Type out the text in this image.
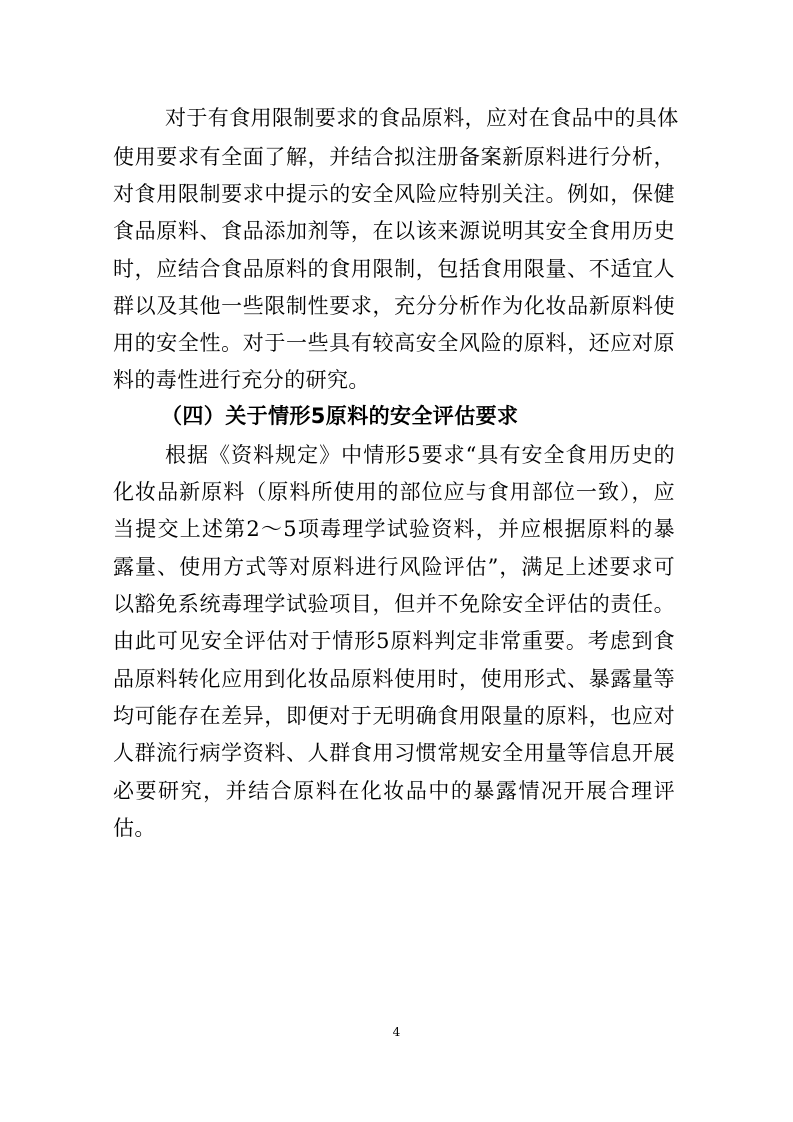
对于有食用限制要求的食品原料，应对在食品中的具体
使用要求有全面了解，并结合拟注册备案新原料进行分析，
对食用限制要求中提示的安全风险应特别关注。例如，保健
食品原料、食品添加剂等，在以该来源说明其安全食用历史
时，应结合食品原料的食用限制，包括食用限量、不适宜人
群以及其他一些限制性要求，充分分析作为化妆品新原料使
用的安全性。对于一些具有较高安全风险的原料，还应对原
料的毒性进行充分的研究。
（四）关于情形5原料的安全评估要求
根据《资料规定》中情形5要求“具有安全食用历史的
化妆品新原料（原料所使用的部位应与食用部位一致），应
当提交上述第2～5项毒理学试验资料，并应根据原料的暴
露量、使用方式等对原料进行风险评估”，满足上述要求可
以豁免系统毒理学试验项目，但并不免除安全评估的责任。
由此可见安全评估对于情形5原料判定非常重要。考虑到食
品原料转化应用到化妆品原料使用时，使用形式、暴露量等
均可能存在差异，即便对于无明确食用限量的原料，也应对
人群流行病学资料、人群食用习惯常规安全用量等信息开展
必要研究，并结合原料在化妆品中的暴露情况开展合理评
估。
4
